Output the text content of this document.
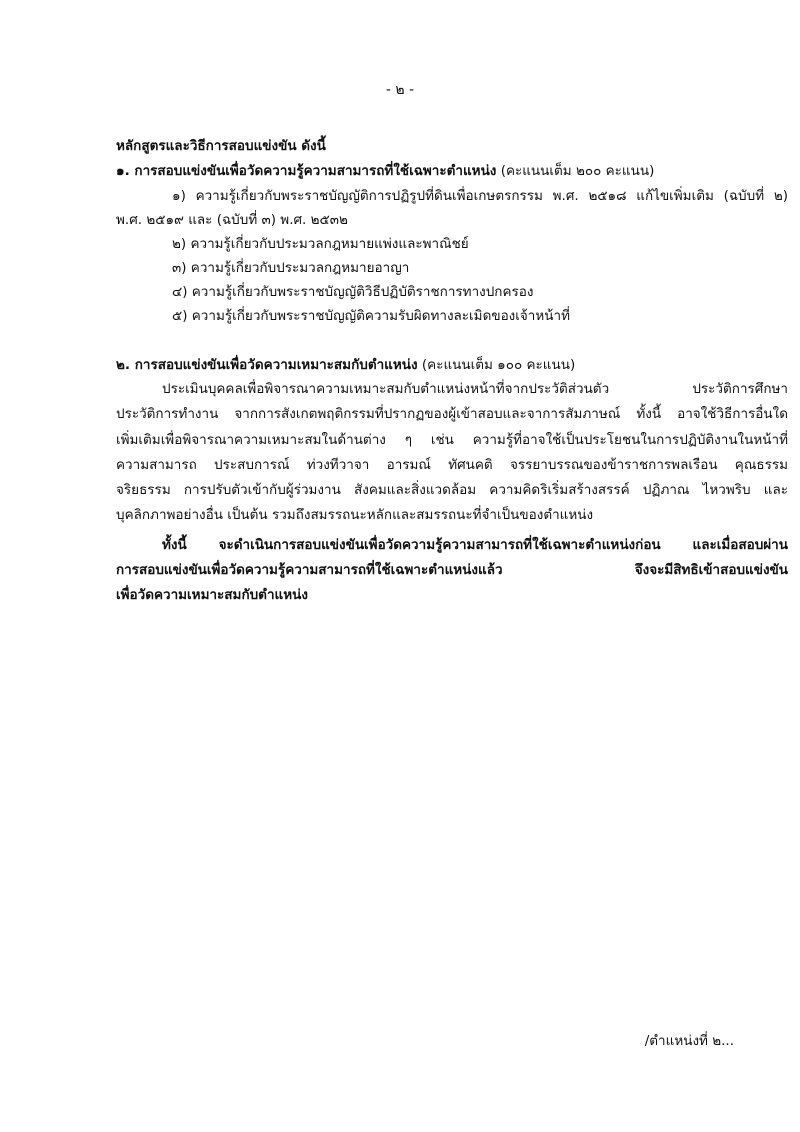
- ๒ -
หลักสูตรและวิธีการสอบแข่งขัน ดังนี้
๑. การสอบแข่งขันเพื่อวัดความรู้ความสามารถที่ใช้เฉพาะตำแหน่ง (คะแนนเต็ม ๒๐๐ คะแนน)
๑) ความรู้เกี่ยวกับพระราชบัญญัติการปฏิรูปที่ดินเพื่อเกษตรกรรม พ.ศ. ๒๕๑๘ แก้ไขเพิ่มเติม (ฉบับที่ ๒)
พ.ศ. ๒๕๑๙ และ (ฉบับที่ ๓) พ.ศ. ๒๕๓๒
๒) ความรู้เกี่ยวกับประมวลกฎหมายแพ่งและพาณิชย์
๓) ความรู้เกี่ยวกับประมวลกฎหมายอาญา
๔) ความรู้เกี่ยวกับพระราชบัญญัติวิธีปฏิบัติราชการทางปกครอง
๕) ความรู้เกี่ยวกับพระราชบัญญัติความรับผิดทางละเมิดของเจ้าหน้าที่
๒. การสอบแข่งขันเพื่อวัดความเหมาะสมกับตำแหน่ง (คะแนนเต็ม ๑๐๐ คะแนน)
ประเมินบุคคลเพื่อพิจารณาความเหมาะสมกับตำแหน่งหน้าที่จากประวัติส่วนตัว ประวัติการศึกษา
ประวัติการทำงาน จากการสังเกตพฤติกรรมที่ปรากฏของผู้เข้าสอบและจาการสัมภาษณ์ ทั้งนี้ อาจใช้วิธีการอื่นใด
เพิ่มเติมเพื่อพิจารณาความเหมาะสมในด้านต่าง ๆ เช่น ความรู้ที่อาจใช้เป็นประโยชนในการปฏิบัติงานในหน้าที่
ความสามารถ ประสบการณ์ ท่วงทีวาจา อารมณ์ ทัศนคติ จรรยาบรรณของข้าราชการพลเรือน คุณธรรม
จริยธรรม การปรับตัวเข้ากับผู้ร่วมงาน สังคมและสิ่งแวดล้อม ความคิดริเริ่มสร้างสรรค์ ปฏิภาณ ไหวพริบ และ
บุคลิกภาพอย่างอื่น เป็นต้น รวมถึงสมรรถนะหลักและสมรรถนะที่จำเป็นของตำแหน่ง
ทั้งนี้ จะดำเนินการสอบแข่งขันเพื่อวัดความรู้ความสามารถที่ใช้เฉพาะตำแหน่งก่อน และเมื่อสอบผ่าน
การสอบแข่งขันเพื่อวัดความรู้ความสามารถที่ใช้เฉพาะตำแหน่งแล้ว จึงจะมีสิทธิเข้าสอบแข่งขัน
เพื่อวัดความเหมาะสมกับตำแหน่ง
/ตำแหน่งที่ ๒...
